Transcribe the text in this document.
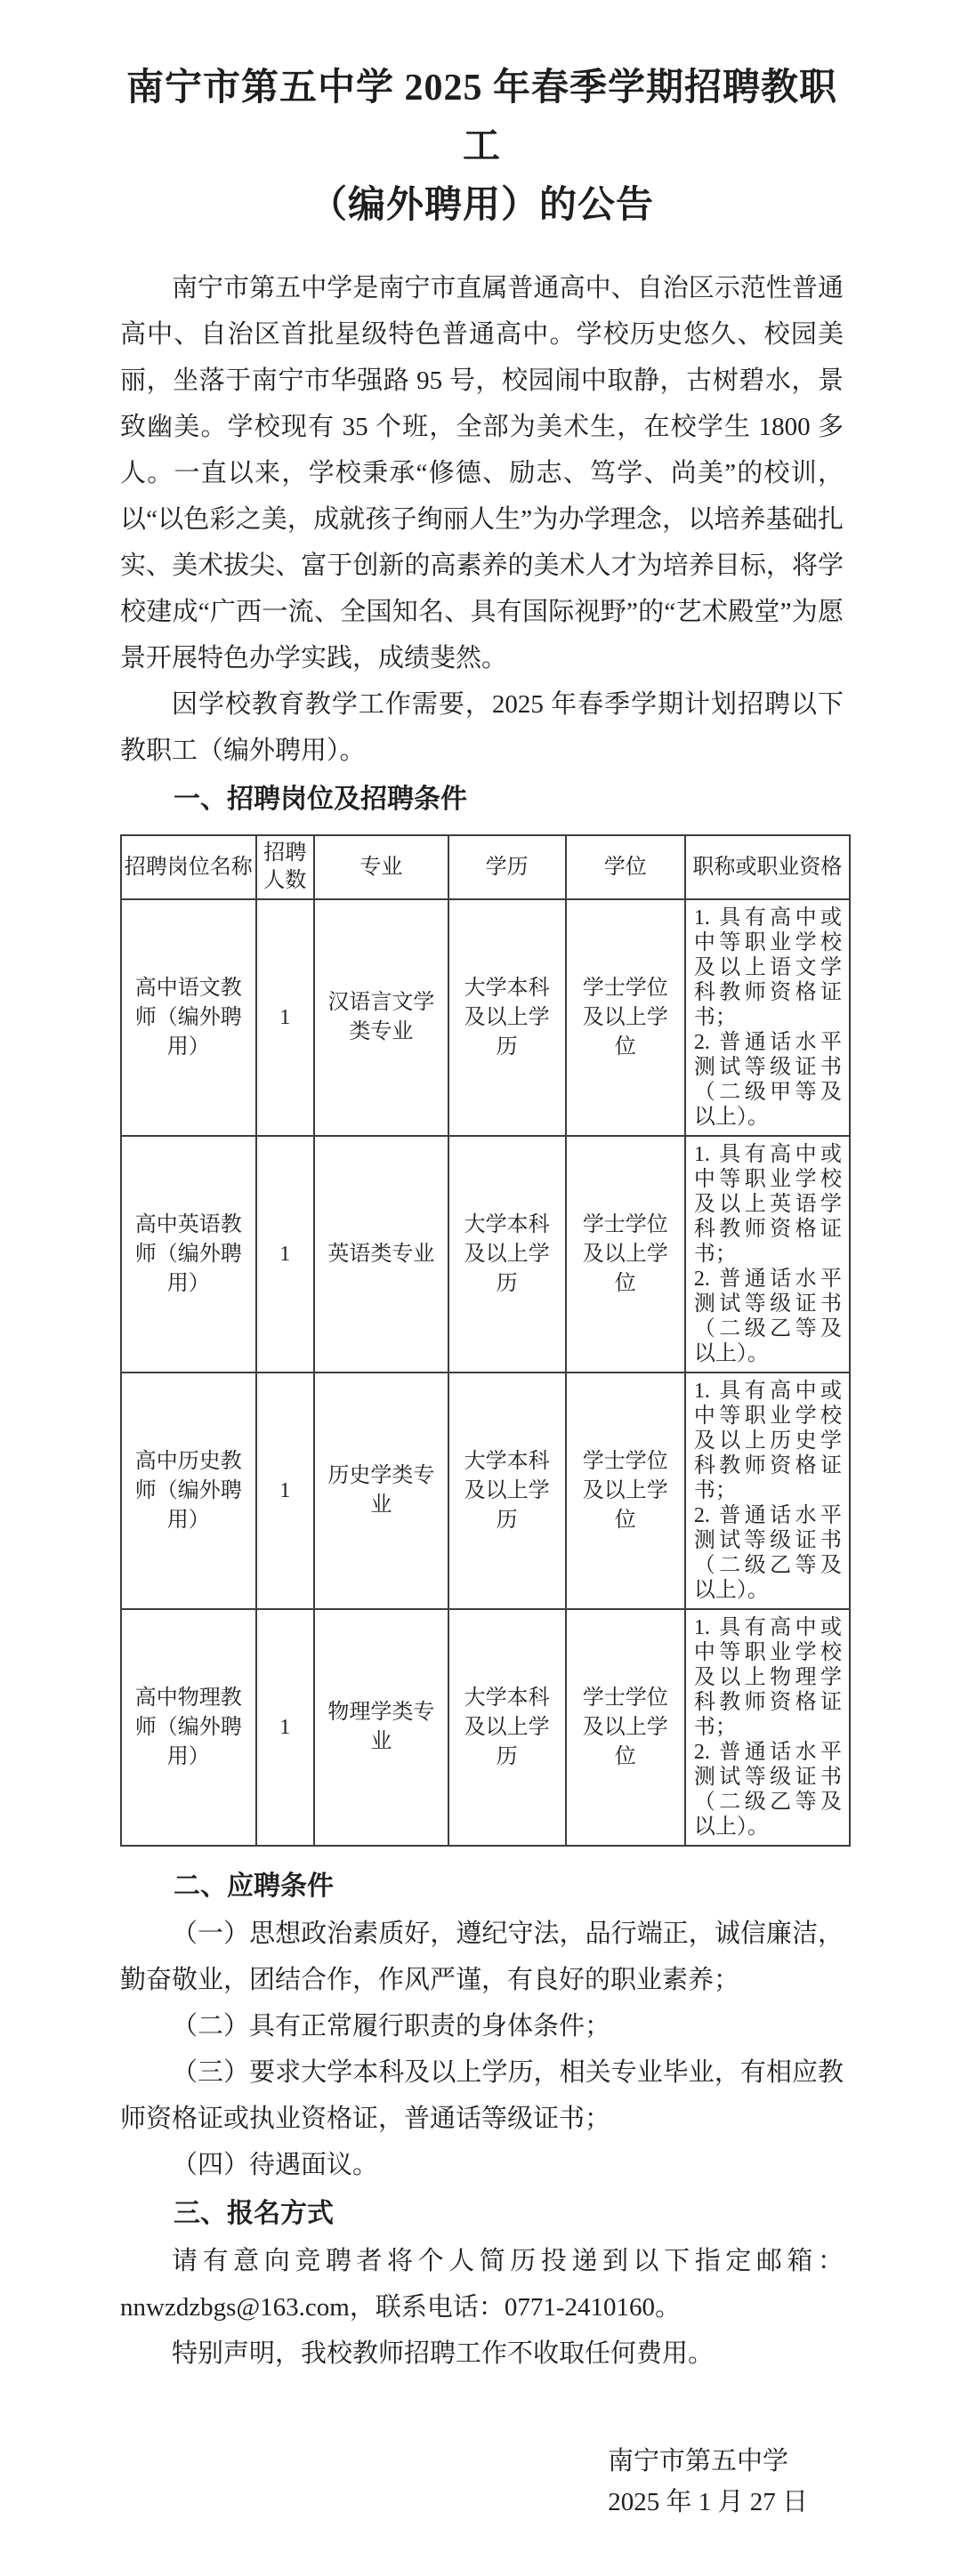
南宁市第五中学 2025 年春季学期招聘教职工
（编外聘用）的公告

南宁市第五中学是南宁市直属普通高中、自治区示范性普通高中、自治区首批星级特色普通高中。学校历史悠久、校园美丽，坐落于南宁市华强路 95 号，校园闹中取静，古树碧水，景致幽美。学校现有 35 个班，全部为美术生，在校学生 1800 多人。一直以来，学校秉承“修德、励志、笃学、尚美”的校训，以“以色彩之美，成就孩子绚丽人生”为办学理念，以培养基础扎实、美术拔尖、富于创新的高素养的美术人才为培养目标，将学校建成“广西一流、全国知名、具有国际视野”的“艺术殿堂”为愿景开展特色办学实践，成绩斐然。

因学校教育教学工作需要，2025 年春季学期计划招聘以下教职工（编外聘用）。

一、招聘岗位及招聘条件
招聘岗位名称	招聘人数	专业	学历	学位	职称或职业资格
高中语文教师（编外聘用）	1	汉语言文学类专业	大学本科及以上学历	学士学位及以上学位	1. 具有高中或中等职业学校及以上语文学科教师资格证书；
2. 普通话水平测试等级证书（二级甲等及以上）。

高中英语教师（编外聘用）	1	英语类专业	大学本科及以上学历	学士学位及以上学位	1. 具有高中或中等职业学校及以上英语学科教师资格证书；
2. 普通话水平测试等级证书（二级乙等及以上）。

高中历史教师（编外聘用）	1	历史学类专业	大学本科及以上学历	学士学位及以上学位	1. 具有高中或中等职业学校及以上历史学科教师资格证书；
2. 普通话水平测试等级证书（二级乙等及以上）。

高中物理教师（编外聘用）	1	物理学类专业	大学本科及以上学历	学士学位及以上学位	1. 具有高中或中等职业学校及以上物理学科教师资格证书；
2. 普通话水平测试等级证书（二级乙等及以上）。
二、应聘条件

（一）思想政治素质好，遵纪守法，品行端正，诚信廉洁，勤奋敬业，团结合作，作风严谨，有良好的职业素养；

（二）具有正常履行职责的身体条件；

（三）要求大学本科及以上学历，相关专业毕业，有相应教师资格证或执业资格证，普通话等级证书；

（四）待遇面议。

三、报名方式

请有意向竞聘者将个人简历投递到以下指定邮箱：nnwzdzbgs@163.com，联系电话：0771-2410160。

特别声明，我校教师招聘工作不收取任何费用。

南宁市第五中学
2025 年 1 月 27 日
